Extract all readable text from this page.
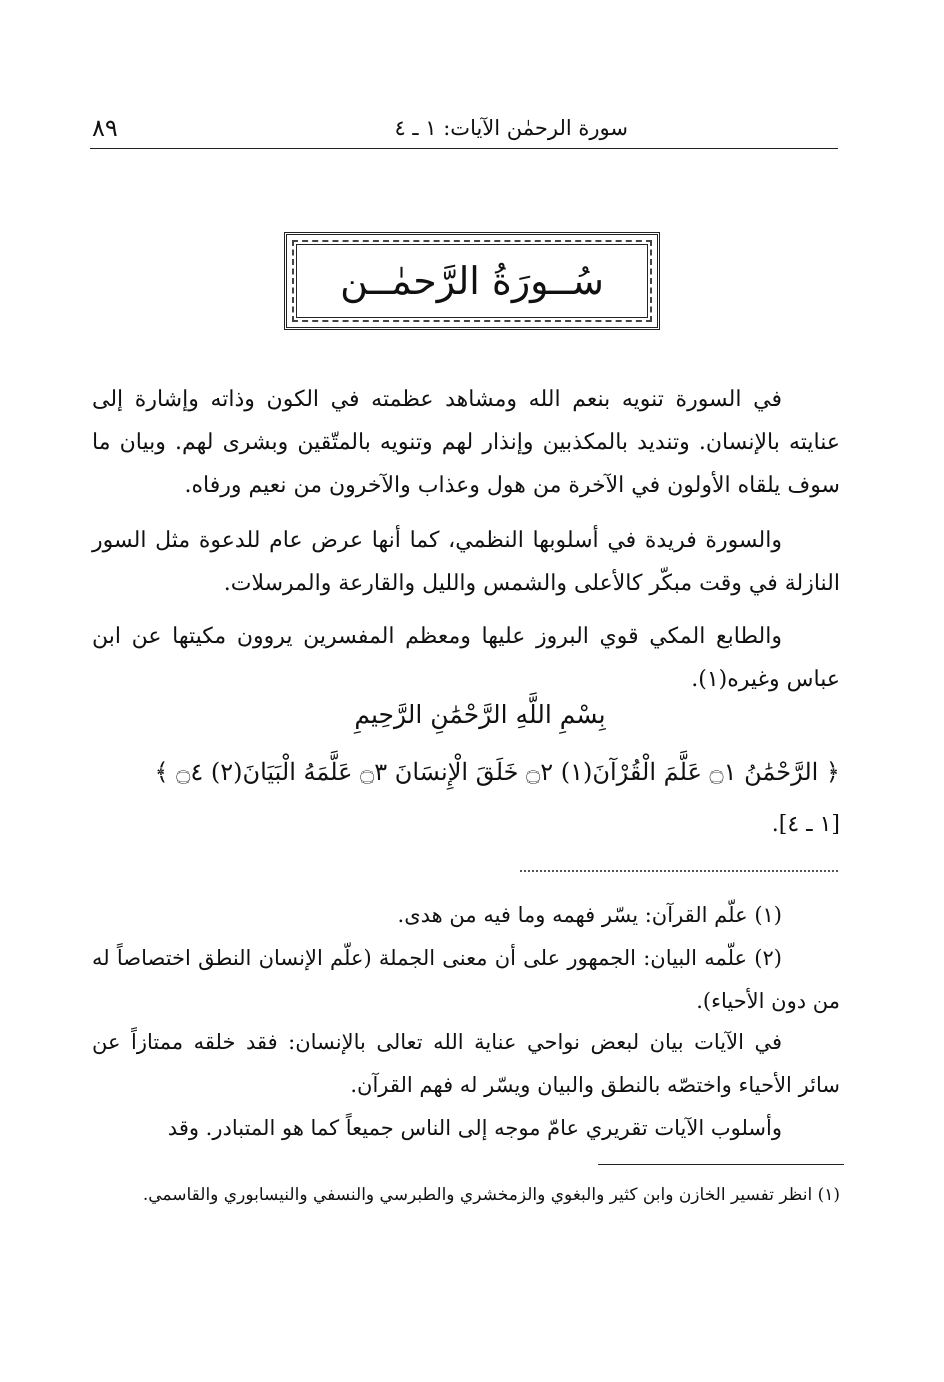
٨٩	سورة الرحمٰن الآيات: ١ ـ ٤
سُــورَةُ الرَّحمٰــن

في السورة تنويه بنعم الله ومشاهد عظمته في الكون وذاته وإشارة إلى عنايته بالإنسان. وتنديد بالمكذبين وإنذار لهم وتنويه بالمتّقين وبشرى لهم. وبيان ما سوف يلقاه الأولون في الآخرة من هول وعذاب والآخرون من نعيم ورفاه.

والسورة فريدة في أسلوبها النظمي، كما أنها عرض عام للدعوة مثل السور النازلة في وقت مبكّر كالأعلى والشمس والليل والقارعة والمرسلات.

والطابع المكي قوي البروز عليها ومعظم المفسرين يروون مكيتها عن ابن عباس وغيره(١).

بِسْمِ اللَّهِ الرَّحْمَٰنِ الرَّحِيمِ
﴿ الرَّحْمَٰنُ ۝١ عَلَّمَ الْقُرْآنَ(١) ۝٢ خَلَقَ الْإِنسَانَ ۝٣ عَلَّمَهُ الْبَيَانَ(٢) ۝٤ ﴾
[١ ـ ٤].

(١) علّم القرآن: يسّر فهمه وما فيه من هدى.

(٢) علّمه البيان: الجمهور على أن معنى الجملة (علّم الإنسان النطق اختصاصاً له من دون الأحياء).

في الآيات بيان لبعض نواحي عناية الله تعالى بالإنسان: فقد خلقه ممتازاً عن سائر الأحياء واختصّه بالنطق والبيان ويسّر له فهم القرآن.

وأسلوب الآيات تقريري عامّ موجه إلى الناس جميعاً كما هو المتبادر. وقد

(١) انظر تفسير الخازن وابن كثير والبغوي والزمخشري والطبرسي والنسفي والنيسابوري والقاسمي.
